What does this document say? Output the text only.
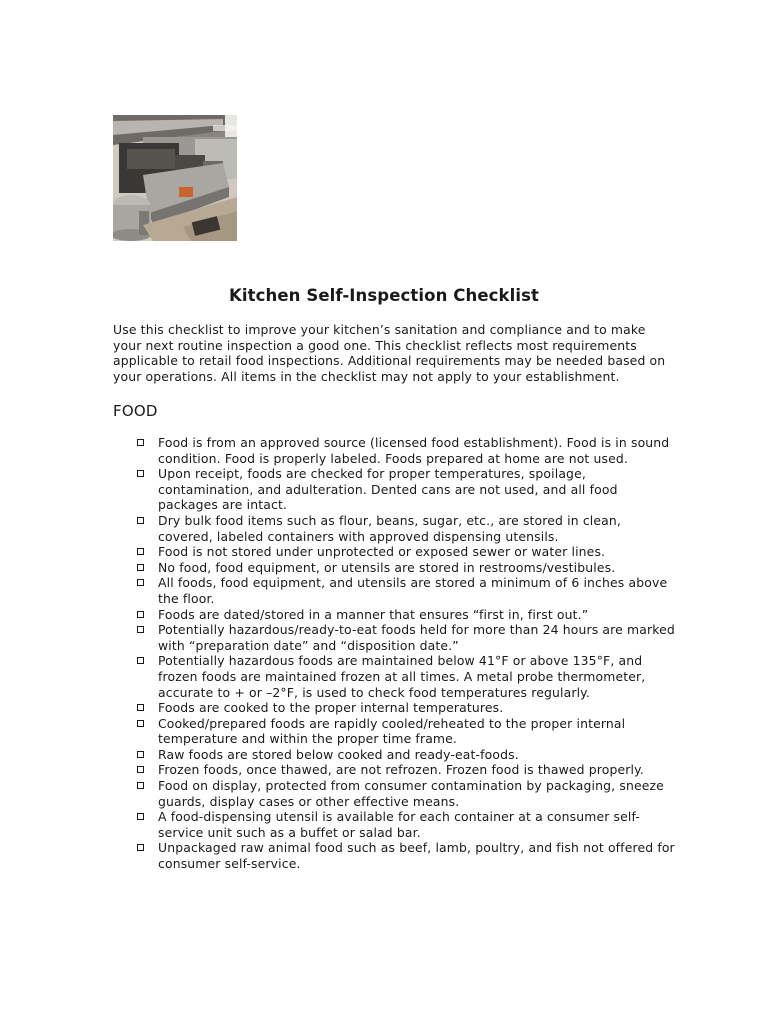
Kitchen Self-Inspection Checklist
Use this checklist to improve your kitchen’s sanitation and compliance and to make your next routine inspection a good one. This checklist reflects most requirements applicable to retail food inspections. Additional requirements may be needed based on your operations. All items in the checklist may not apply to your establishment.
FOOD
Food is from an approved source (licensed food establishment). Food is in sound condition. Food is properly labeled. Foods prepared at home are not used.
Upon receipt, foods are checked for proper temperatures, spoilage, contamination, and adulteration. Dented cans are not used, and all food packages are intact.
Dry bulk food items such as flour, beans, sugar, etc., are stored in clean, covered, labeled containers with approved dispensing utensils.
Food is not stored under unprotected or exposed sewer or water lines.
No food, food equipment, or utensils are stored in restrooms/vestibules.
All foods, food equipment, and utensils are stored a minimum of 6 inches above the floor.
Foods are dated/stored in a manner that ensures “first in, first out.”
Potentially hazardous/ready-to-eat foods held for more than 24 hours are marked with “preparation date” and “disposition date.”
Potentially hazardous foods are maintained below 41°F or above 135°F, and frozen foods are maintained frozen at all times. A metal probe thermometer, accurate to + or –2°F, is used to check food temperatures regularly.
Foods are cooked to the proper internal temperatures.
Cooked/prepared foods are rapidly cooled/reheated to the proper internal temperature and within the proper time frame.
Raw foods are stored below cooked and ready-eat-foods.
Frozen foods, once thawed, are not refrozen. Frozen food is thawed properly.
Food on display, protected from consumer contamination by packaging, sneeze guards, display cases or other effective means.
A food-dispensing utensil is available for each container at a consumer self-service unit such as a buffet or salad bar.
Unpackaged raw animal food such as beef, lamb, poultry, and fish not offered for consumer self-service.
